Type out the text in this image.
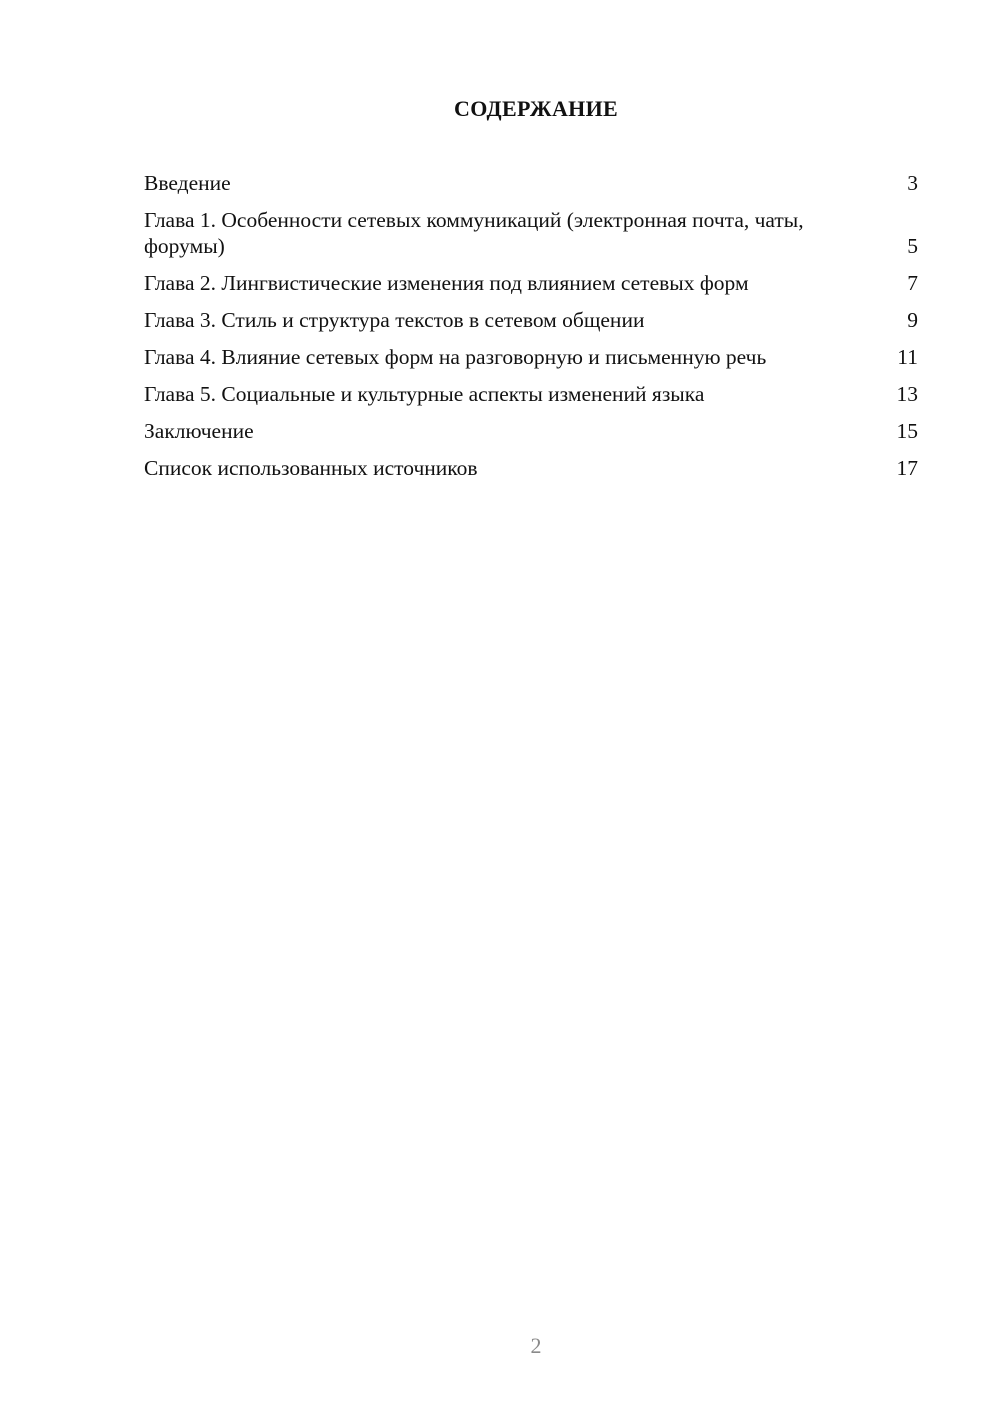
СОДЕРЖАНИЕ
Введение	3
Глава 1. Особенности сетевых коммуникаций (электронная почта, чаты, форумы)	5
Глава 2. Лингвистические изменения под влиянием сетевых форм	7
Глава 3. Стиль и структура текстов в сетевом общении	9
Глава 4. Влияние сетевых форм на разговорную и письменную речь	11
Глава 5. Социальные и культурные аспекты изменений языка	13
Заключение	15
Список использованных источников	17
2
